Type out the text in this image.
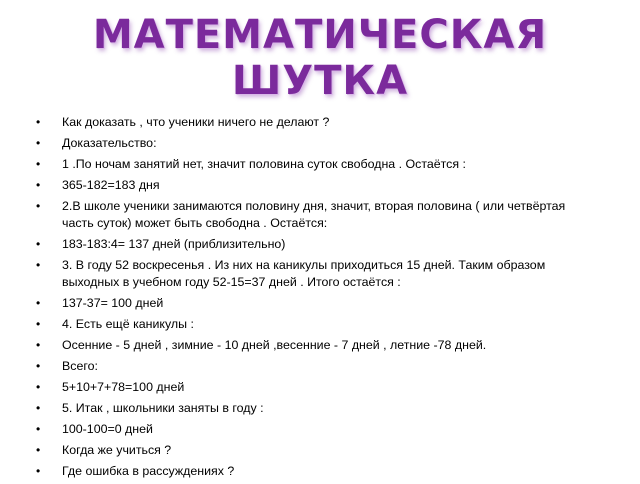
МАТЕМАТИЧЕСКАЯ
ШУТКА
•	Как доказать , что ученики ничего не делают ?
•	Доказательство:
•	1 .По ночам занятий нет, значит половина суток свободна . Остаётся :
•	365-182=183 дня
•	2.В школе ученики занимаются половину дня, значит, вторая половина ( или четвёртая часть суток) может быть свободна . Остаётся:
•	183-183:4= 137 дней (приблизительно)
•	3. В году 52 воскресенья . Из них на каникулы приходиться 15 дней. Таким образом выходных в учебном году 52-15=37 дней . Итого остаётся :
•	137-37= 100 дней
•	4. Есть ещё каникулы :
•	Осенние - 5 дней , зимние - 10 дней ,весенние - 7 дней , летние -78 дней.
•	Всего:
•	5+10+7+78=100 дней
•	5. Итак , школьники заняты в году :
•	100-100=0 дней
•	Когда же учиться ?
•	Где ошибка в рассуждениях ?
